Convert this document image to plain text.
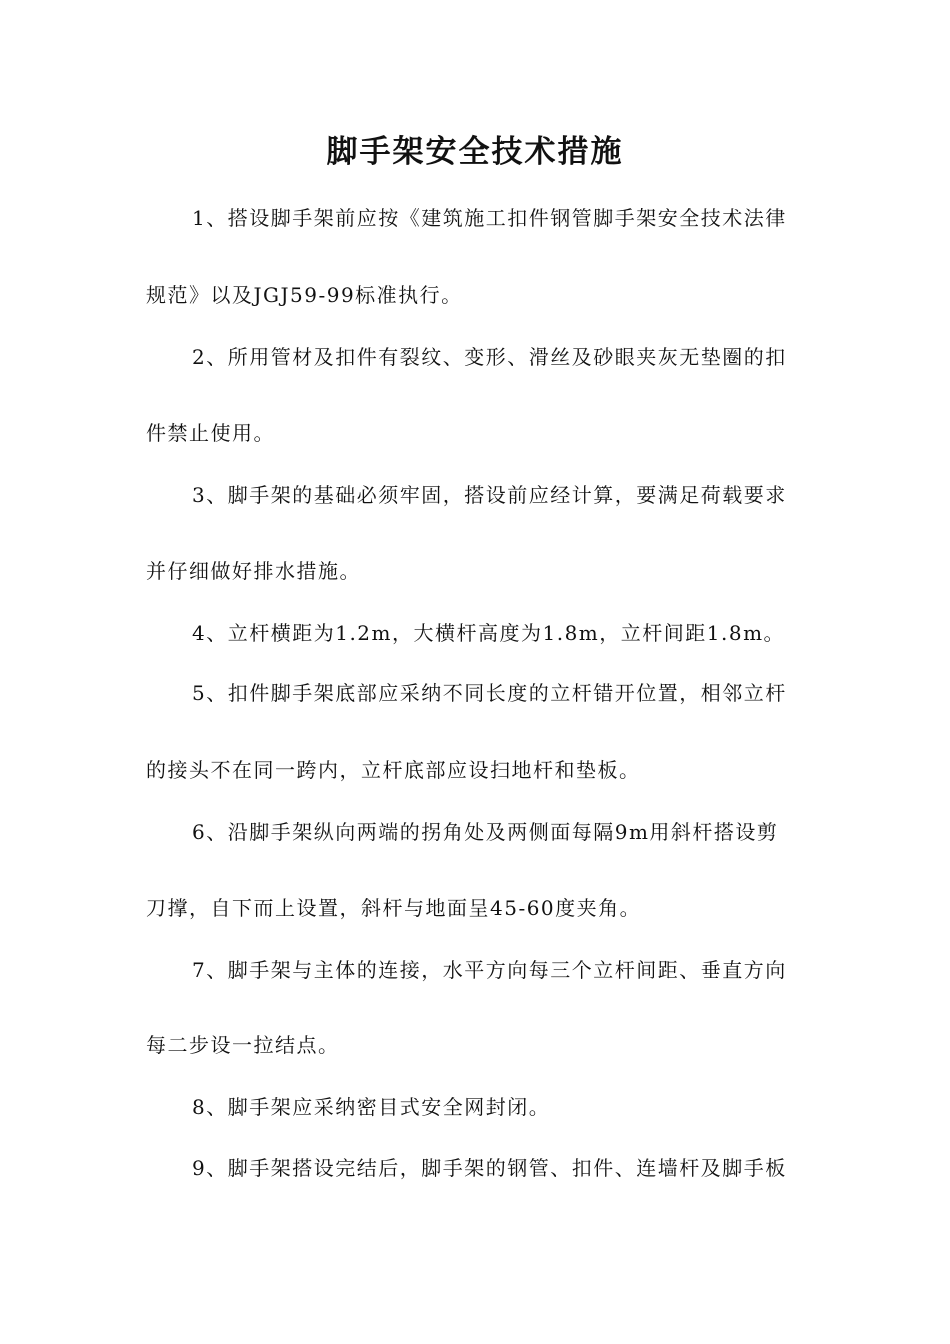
脚手架安全技术措施
1、搭设脚手架前应按《建筑施工扣件钢管脚手架安全技术法律
规范》以及JGJ59-99标准执行。
2、所用管材及扣件有裂纹、变形、滑丝及砂眼夹灰无垫圈的扣
件禁止使用。
3、脚手架的基础必须牢固，搭设前应经计算，要满足荷载要求
并仔细做好排水措施。
4、立杆横距为1.2m，大横杆高度为1.8m，立杆间距1.8m。
5、扣件脚手架底部应采纳不同长度的立杆错开位置，相邻立杆
的接头不在同一跨内，立杆底部应设扫地杆和垫板。
6、沿脚手架纵向两端的拐角处及两侧面每隔9m用斜杆搭设剪
刀撑，自下而上设置，斜杆与地面呈45-60度夹角。
7、脚手架与主体的连接，水平方向每三个立杆间距、垂直方向
每二步设一拉结点。
8、脚手架应采纳密目式安全网封闭。
9、脚手架搭设完结后，脚手架的钢管、扣件、连墙杆及脚手板
